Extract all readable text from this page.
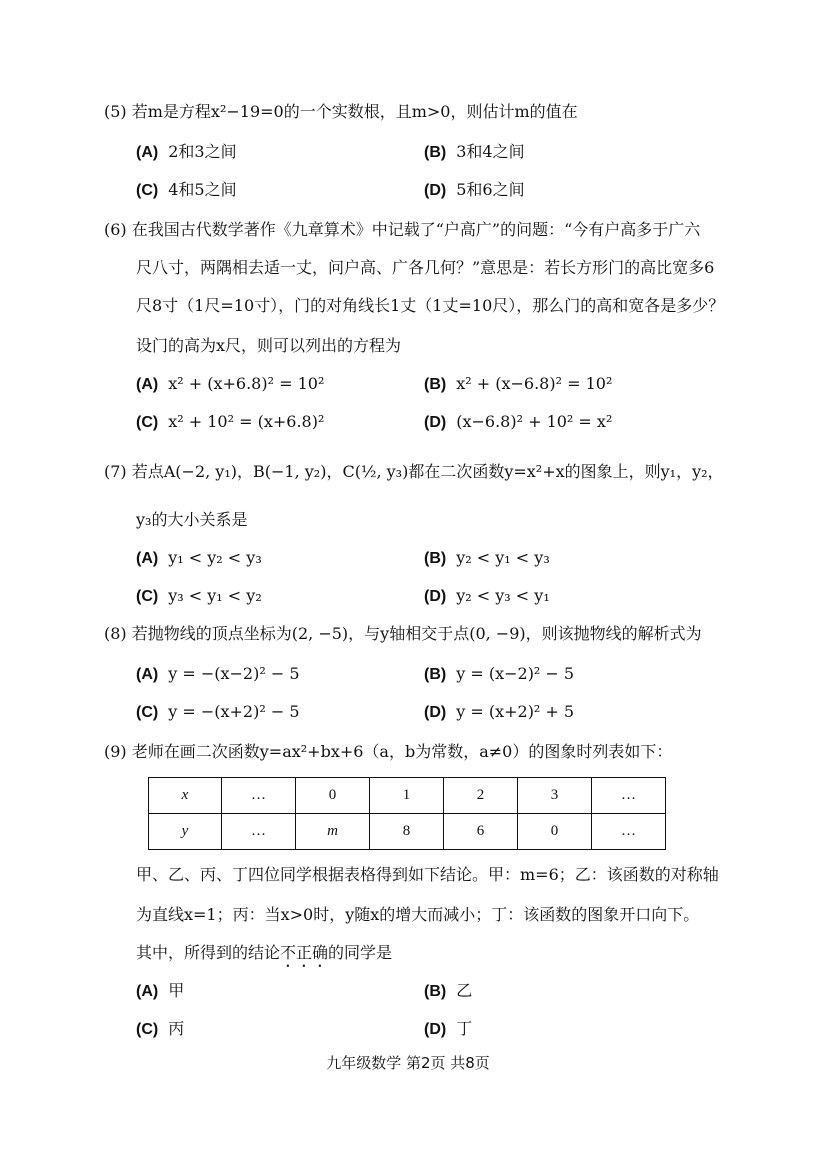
(5) 若m是方程x²−19=0的一个实数根，且m>0，则估计m的值在
(A) 2和3之间	(B) 3和4之间
(C) 4和5之间	(D) 5和6之间
(6) 在我国古代数学著作《九章算术》中记载了“户高广”的问题：“今有户高多于广六
尺八寸，两隅相去适一丈，问户高、广各几何？”意思是：若长方形门的高比宽多6
尺8寸（1尺=10寸），门的对角线长1丈（1丈=10尺），那么门的高和宽各是多少？
设门的高为x尺，则可以列出的方程为
(A) x² + (x+6.8)² = 10²	(B) x² + (x−6.8)² = 10²
(C) x² + 10² = (x+6.8)²	(D) (x−6.8)² + 10² = x²
(7) 若点A(−2, y₁)，B(−1, y₂)，C(½, y₃)都在二次函数y=x²+x的图象上，则y₁，y₂，
y₃的大小关系是
(A) y₁ < y₂ < y₃	(B) y₂ < y₁ < y₃
(C) y₃ < y₁ < y₂	(D) y₂ < y₃ < y₁
(8) 若抛物线的顶点坐标为(2, −5)，与y轴相交于点(0, −9)，则该抛物线的解析式为
(A) y = −(x−2)² − 5	(B) y = (x−2)² − 5
(C) y = −(x+2)² − 5	(D) y = (x+2)² + 5
(9) 老师在画二次函数y=ax²+bx+6（a，b为常数，a≠0）的图象时列表如下：
x	…	0	1	2	3	…
y	…	m	8	6	0	…
甲、乙、丙、丁四位同学根据表格得到如下结论。甲：m=6；乙：该函数的对称轴
为直线x=1；丙：当x>0时，y随x的增大而减小；丁：该函数的图象开口向下。
其中，所得到的结论不正确的同学是
(A) 甲	(B) 乙
(C) 丙	(D) 丁
九年级数学 第2页 共8页
